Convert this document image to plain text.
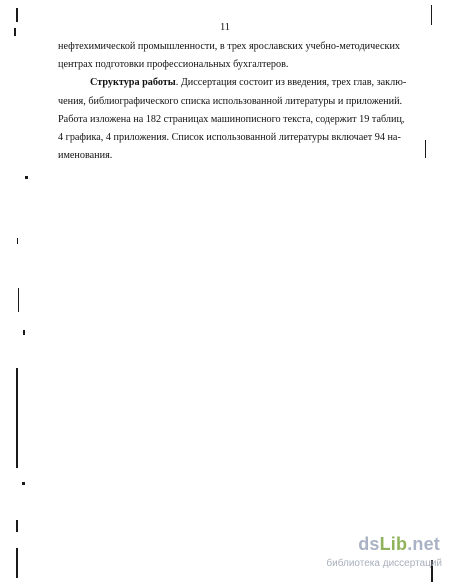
11
нефтехимической промышленности, в трех ярославских учебно-методических
центрах подготовки профессиональных бухгалтеров.
Структура работы. Диссертация состоит из введения, трех глав, заклю-
чения, библиографического списка использованной литературы и приложений.
Работа изложена на 182 страницах машинописного текста, содержит 19 таблиц,
4 графика, 4 приложения. Список использованной литературы включает 94 на-
именования.
dsLib.net
библиотека диссертаций
